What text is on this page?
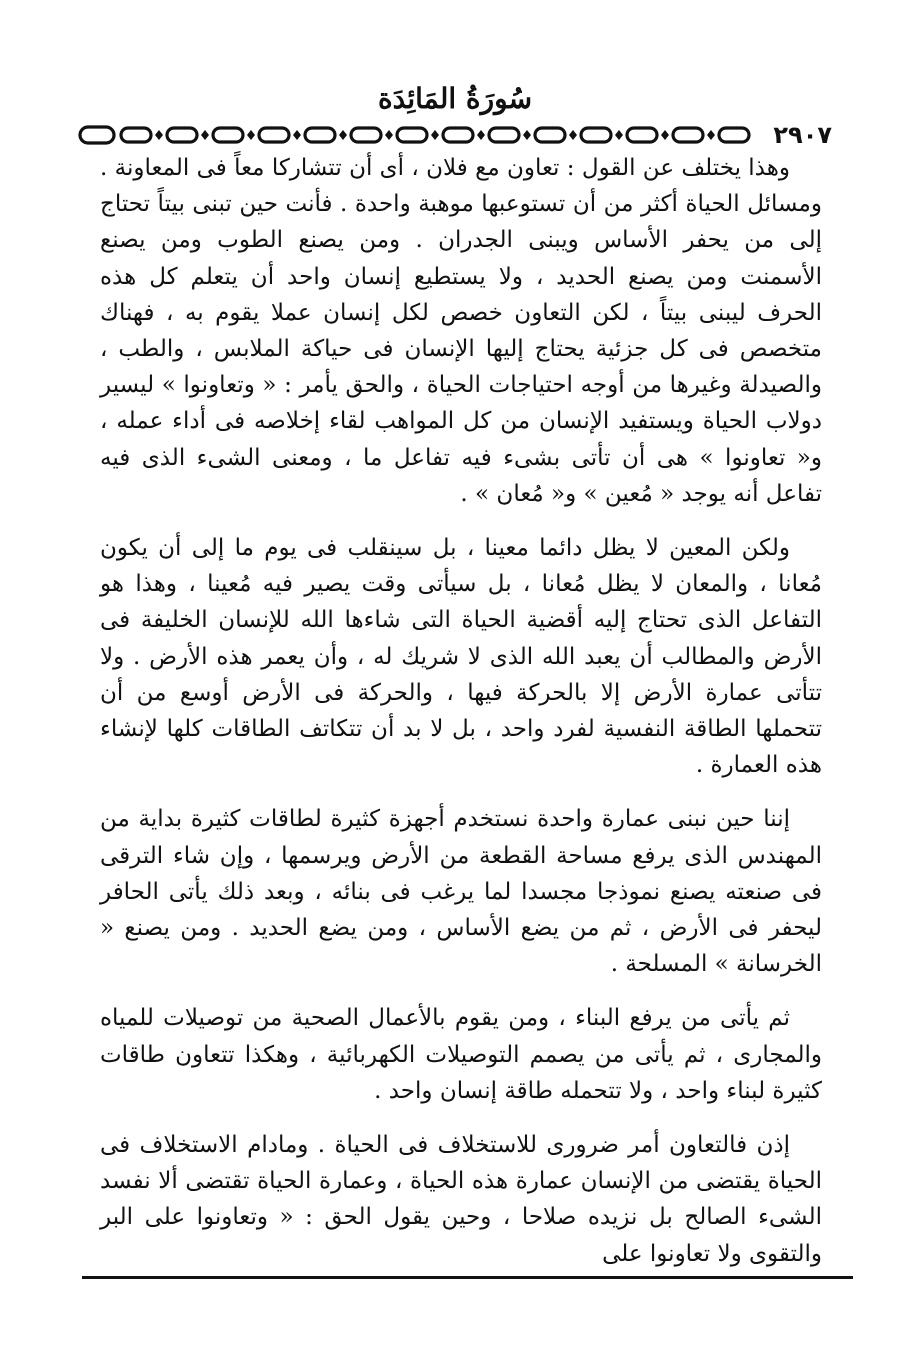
سُورَةُ المَائِدَة
٢٩٠٧

وهذا يختلف عن القول : تعاون مع فلان ، أى أن تتشاركا معاً فى المعاونة . ومسائل الحياة أكثر من أن تستوعبها موهبة واحدة . فأنت حين تبنى بيتاً تحتاج إلى من يحفر الأساس ويبنى الجدران . ومن يصنع الطوب ومن يصنع الأسمنت ومن يصنع الحديد ، ولا يستطيع إنسان واحد أن يتعلم كل هذه الحرف ليبنى بيتاً ، لكن التعاون خصص لكل إنسان عملا يقوم به ، فهناك متخصص فى كل جزئية يحتاج إليها الإنسان فى حياكة الملابس ، والطب ، والصيدلة وغيرها من أوجه احتياجات الحياة ، والحق يأمر : « وتعاونوا » ليسير دولاب الحياة ويستفيد الإنسان من كل المواهب لقاء إخلاصه فى أداء عمله ، و« تعاونوا » هى أن تأتى بشىء فيه تفاعل ما ، ومعنى الشىء الذى فيه تفاعل أنه يوجد « مُعين » و« مُعان » .

ولكن المعين لا يظل دائما معينا ، بل سينقلب فى يوم ما إلى أن يكون مُعانا ، والمعان لا يظل مُعانا ، بل سيأتى وقت يصير فيه مُعينا ، وهذا هو التفاعل الذى تحتاج إليه أقضية الحياة التى شاءها الله للإنسان الخليفة فى الأرض والمطالب أن يعبد الله الذى لا شريك له ، وأن يعمر هذه الأرض . ولا تتأتى عمارة الأرض إلا بالحركة فيها ، والحركة فى الأرض أوسع من أن تتحملها الطاقة النفسية لفرد واحد ، بل لا بد أن تتكاتف الطاقات كلها لإنشاء هذه العمارة .

إننا حين نبنى عمارة واحدة نستخدم أجهزة كثيرة لطاقات كثيرة بداية من المهندس الذى يرفع مساحة القطعة من الأرض ويرسمها ، وإن شاء الترقى فى صنعته يصنع نموذجا مجسدا لما يرغب فى بنائه ، وبعد ذلك يأتى الحافر ليحفر فى الأرض ، ثم من يضع الأساس ، ومن يضع الحديد . ومن يصنع « الخرسانة » المسلحة .

ثم يأتى من يرفع البناء ، ومن يقوم بالأعمال الصحية من توصيلات للمياه والمجارى ، ثم يأتى من يصمم التوصيلات الكهربائية ، وهكذا تتعاون طاقات كثيرة لبناء واحد ، ولا تتحمله طاقة إنسان واحد .

إذن فالتعاون أمر ضرورى للاستخلاف فى الحياة . ومادام الاستخلاف فى الحياة يقتضى من الإنسان عمارة هذه الحياة ، وعمارة الحياة تقتضى ألا نفسد الشىء الصالح بل نزيده صلاحا ، وحين يقول الحق : « وتعاونوا على البر والتقوى ولا تعاونوا على
